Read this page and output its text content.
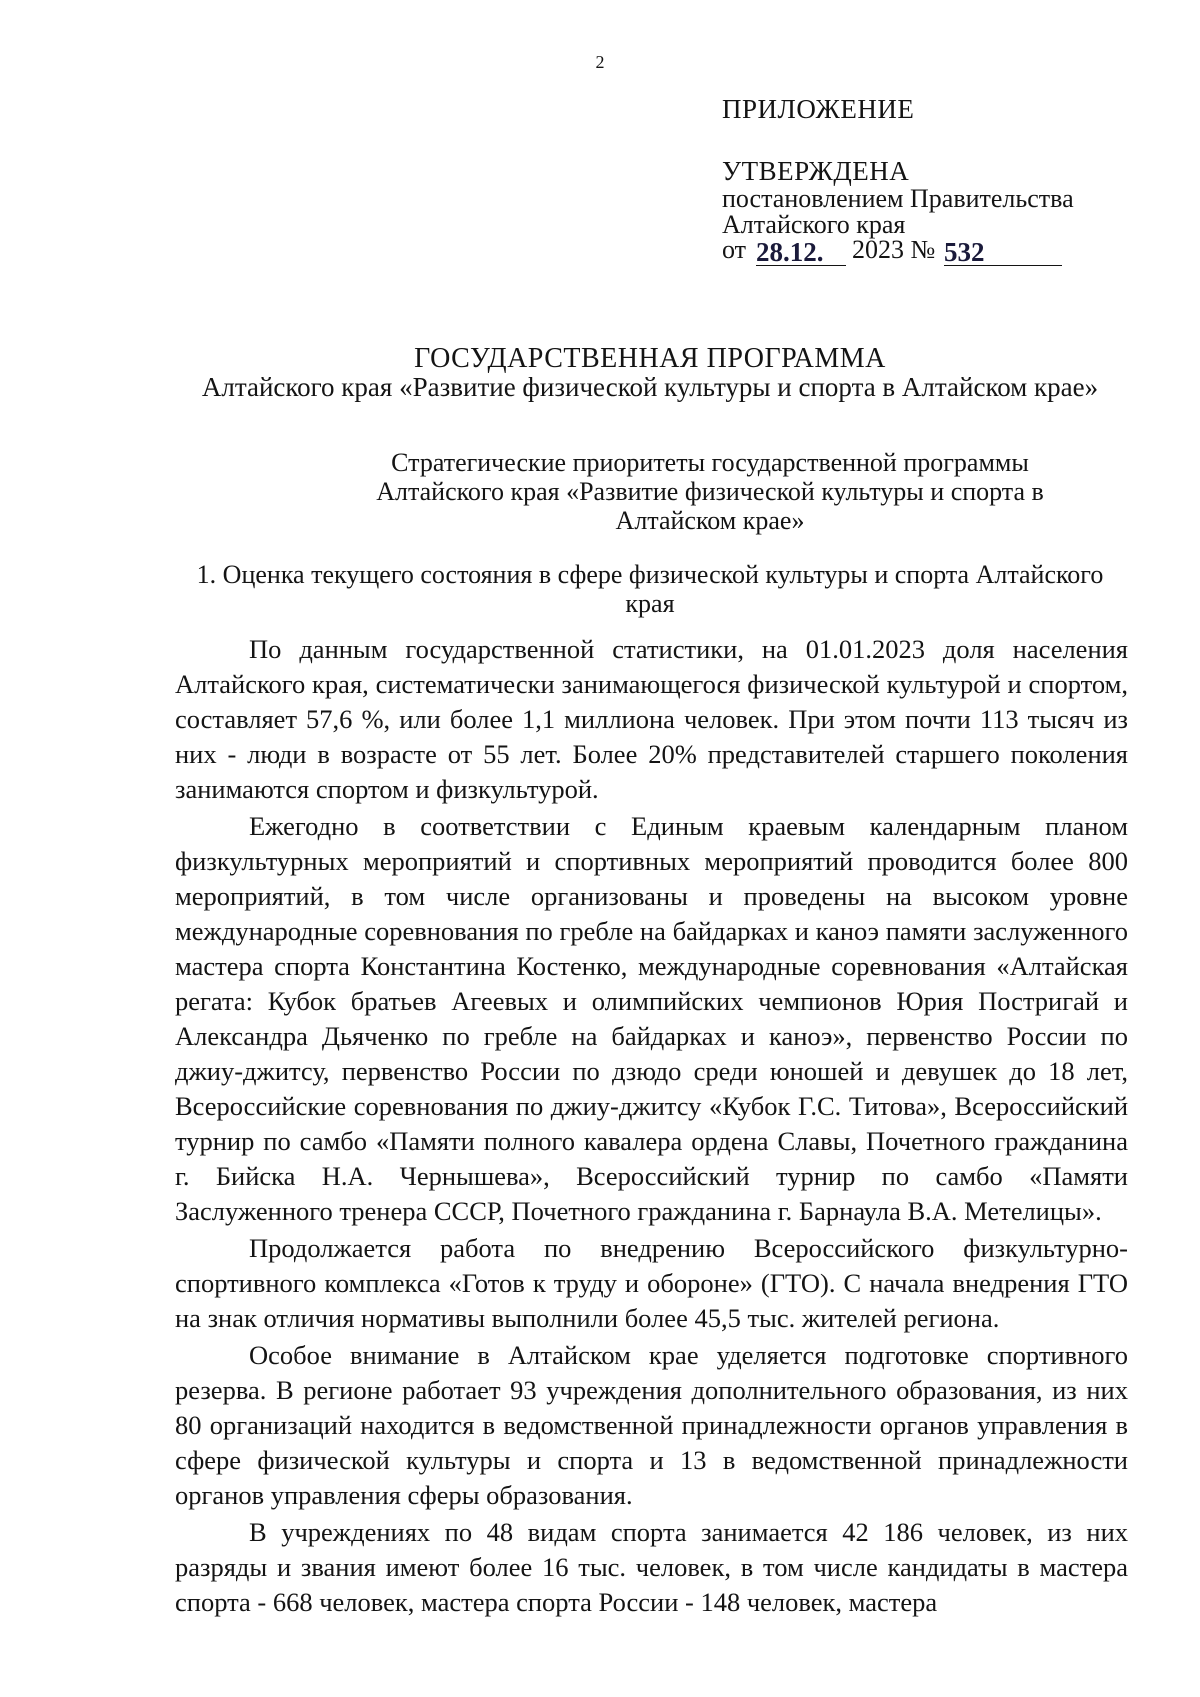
2
ПРИЛОЖЕНИЕ
УТВЕРЖДЕНА
постановлением Правительства
Алтайского края
от 28.12. 2023 № 532
ГОСУДАРСТВЕННАЯ ПРОГРАММА
Алтайского края «Развитие физической культуры и спорта в Алтайском крае»
Стратегические приоритеты государственной программы Алтайского края «Развитие физической культуры и спорта в Алтайском крае»
1. Оценка текущего состояния в сфере физической культуры и спорта Алтайского края

По данным государственной статистики, на 01.01.2023 доля населения Алтайского края, систематически занимающегося физической культурой и спортом, составляет 57,6 %, или более 1,1 миллиона человек. При этом почти 113 тысяч из них - люди в возрасте от 55 лет. Более 20% представителей старшего поколения занимаются спортом и физкультурой.

Ежегодно в соответствии с Единым краевым календарным планом физкультурных мероприятий и спортивных мероприятий проводится более 800 мероприятий, в том числе организованы и проведены на высоком уровне международные соревнования по гребле на байдарках и каноэ памяти заслуженного мастера спорта Константина Костенко, международные соревнования «Алтайская регата: Кубок братьев Агеевых и олимпийских чемпионов Юрия Постригай и Александра Дьяченко по гребле на байдарках и каноэ», первенство России по джиу-джитсу, первенство России по дзюдо среди юношей и девушек до 18 лет, Всероссийские соревнования по джиу-джитсу «Кубок Г.С. Титова», Всероссийский турнир по самбо «Памяти полного кавалера ордена Славы, Почетного гражданина г. Бийска Н.А. Чернышева», Всероссийский турнир по самбо «Памяти Заслуженного тренера СССР, Почетного гражданина г. Барнаула В.А. Метелицы».

Продолжается работа по внедрению Всероссийского физкультурно-спортивного комплекса «Готов к труду и обороне» (ГТО). С начала внедрения ГТО на знак отличия нормативы выполнили более 45,5 тыс. жителей региона.

Особое внимание в Алтайском крае уделяется подготовке спортивного резерва. В регионе работает 93 учреждения дополнительного образования, из них 80 организаций находится в ведомственной принадлежности органов управления в сфере физической культуры и спорта и 13 в ведомственной принадлежности органов управления сферы образования.

В учреждениях по 48 видам спорта занимается 42 186 человек, из них разряды и звания имеют более 16 тыс. человек, в том числе кандидаты в мастера спорта - 668 человек, мастера спорта России - 148 человек, мастера
